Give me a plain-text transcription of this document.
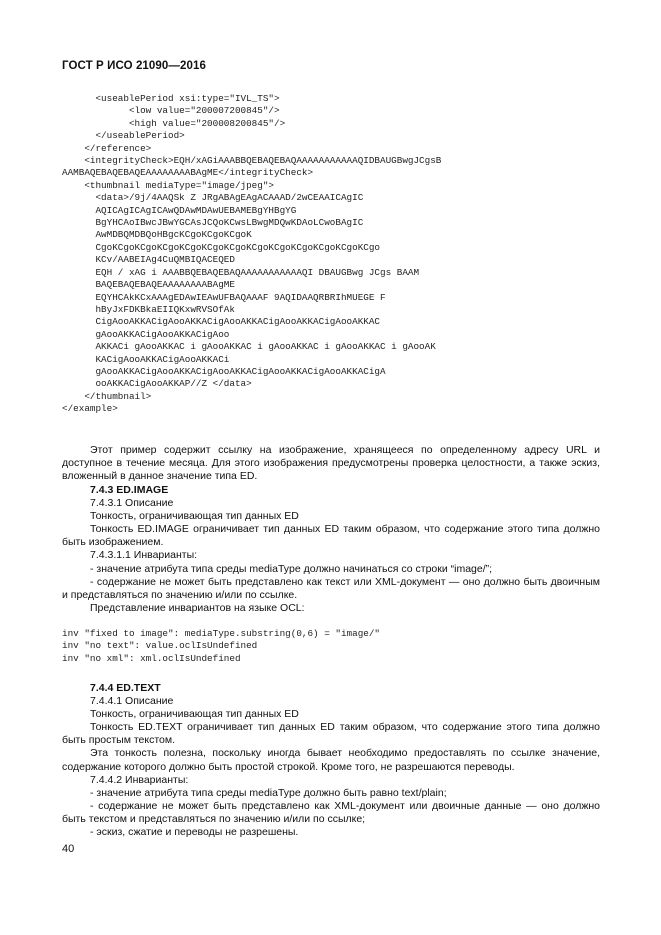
ГОСТ Р ИСО 21090—2016
<useablePeriod xsi:type="IVL_TS">
<low value="200007200845"/>
<high value="200008200845"/>
</useablePeriod>
</reference>
<integrityCheck>EQH/xAGiAAABBQEBAQEBAQAAAAAAAAAAAQIDBAUGBwgJCgsB
AAMBAQEBAQEBAQEAAAAAAAABAgME</integrityCheck>
<thumbnail mediaType="image/jpeg">
<data>/9j/4AAQSk Z JRgABAgEAgACAAAD/2wCEAAICAgIC
AQICAgICAgICAwQDAwMDAwUEBAMEBgYHBgYG
BgYHCAoIBwcJBwYGCAsJCQoKCwsLBwgMDQwKDAoLCwoBAgIC
AwMDBQMDBQoHBgcKCgoKCgoKCgoK
CgoKCgoKCgoKCgoKCgoKCgoKCgoKCgoKCgoKCgoKCgoKCgoKCgo
KCv/AABEIAg4CuQMBIQACEQED
EQH / xAG i AAABBQEBAQEBAQAAAAAAAAAAAQI DBAUGBwg JCgs BAAM
BAQEBAQEBAQEAAAAAAAABAgME
EQYHCAkKCxAAAgEDAwIEAwUFBAQAAAF 9AQIDAAQRBRIhMUEGE F
hByJxFDKBkaEIIQKxwRVSOfAk
CigAooAKKACigAooAKKACigAooAKKACigAooAKKACigAooAKKAC
gAooAKKACigAooAKKACigAoo
AKKACi gAooAKKAC i gAooAKKAC i gAooAKKAC i gAooAKKAC i gAooAK
KACigAooAKKACigAooAKKACi
gAooAKKACigAooAKKACigAooAKKACigAooAKKACigAooAKKACigA
ooAKKACigAooAKKAP//Z </data>
</thumbnail>
</example>

Этот пример содержит ссылку на изображение, хранящееся по определенному адресу URL и доступное в течение месяца. Для этого изображения предусмотрены проверка целостности, а также эскиз, вложенный в данное значение типа ED.

7.4.3 ED.IMAGE

7.4.3.1 Описание

Тонкость, ограничивающая тип данных ED

Тонкость ED.IMAGE ограничивает тип данных ED таким образом, что содержание этого типа должно быть изображением.

7.4.3.1.1 Инварианты:

- значение атрибута типа среды mediaType должно начинаться со строки “image/”;

- содержание не может быть представлено как текст или XML-документ — оно должно быть двоичным и представляться по значению и/или по ссылке.

Представление инвариантов на языке OCL:

inv "fixed to image": mediaType.substring(0,6) = "image/"
inv "no text": value.oclIsUndefined
inv "no xml": xml.oclIsUndefined

7.4.4 ED.TEXT

7.4.4.1 Описание

Тонкость, ограничивающая тип данных ED

Тонкость ED.TEXT ограничивает тип данных ED таким образом, что содержание этого типа должно быть простым текстом.

Эта тонкость полезна, поскольку иногда бывает необходимо предоставлять по ссылке значение, содержание которого должно быть простой строкой. Кроме того, не разрешаются переводы.

7.4.4.2 Инварианты:

- значение атрибута типа среды mediaType должно быть равно text/plain;

- содержание не может быть представлено как XML-документ или двоичные данные — оно должно быть текстом и представляться по значению и/или по ссылке;

- эскиз, сжатие и переводы не разрешены.

40
